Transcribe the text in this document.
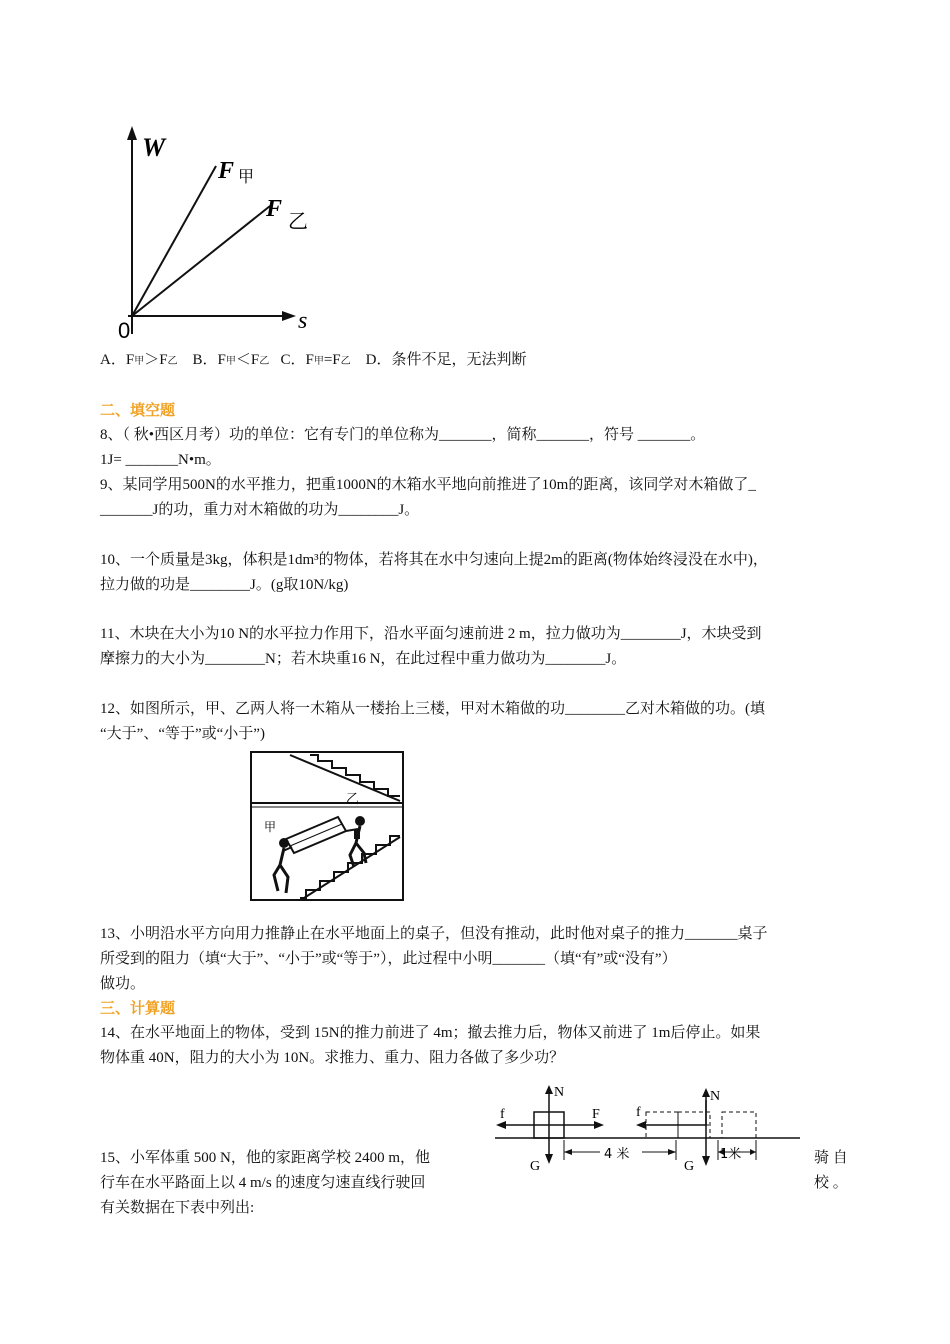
W
s
0
F 甲
F 乙
A．F甲＞F乙 B．F甲＜F乙 C．F甲=F乙 D．条件不足，无法判断
二、填空题
8、（ 秋•西区月考）功的单位：它有专门的单位称为_______，简称_______，符号 _______。
1J= _______N•m。
9、某同学用500N的水平推力，把重1000N的木箱水平地向前推进了10m的距离，该同学对木箱做了_
_______J的功，重力对木箱做的功为________J。
10、一个质量是3kg，体积是1dm³的物体，若将其在水中匀速向上提2m的距离(物体始终浸没在水中)，
拉力做的功是________J。(g取10N/kg)
11、木块在大小为10 N的水平拉力作用下，沿水平面匀速前进 2 m，拉力做功为________J，木块受到
摩擦力的大小为________N；若木块重16 N，在此过程中重力做功为________J。
12、如图所示，甲、乙两人将一木箱从一楼抬上三楼，甲对木箱做的功________乙对木箱做的功。(填
“大于”、“等于”或“小于”)
乙
甲
13、小明沿水平方向用力推静止在水平地面上的桌子，但没有推动，此时他对桌子的推力_______桌子
所受到的阻力（填“大于”、“小于”或“等于”），此过程中小明_______（填“有”或“没有”）
做功。
三、计算题
14、在水平地面上的物体，受到 15N的推力前进了 4m；撤去推力后，物体又前进了 1m后停止。如果
物体重 40N，阻力的大小为 10N。求推力、重力、阻力各做了多少功？
N
f	F
G
N
f
G
4 米	1米
15、小军体重 500 N，他的家距离学校 2400 m，他	骑 自
行车在水平路面上以 4 m/s 的速度匀速直线行驶回	校 。
有关数据在下表中列出:
